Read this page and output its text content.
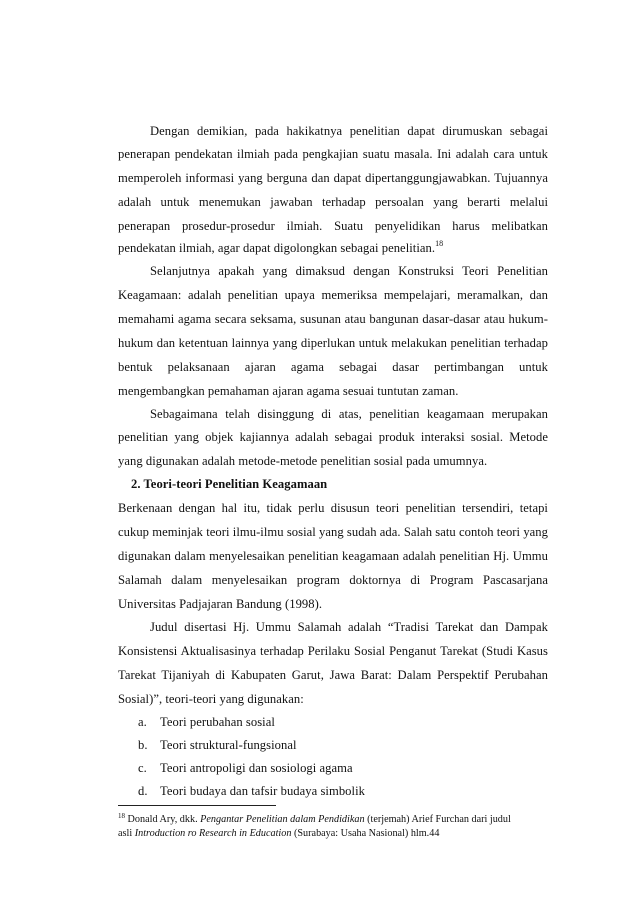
Dengan demikian, pada hakikatnya penelitian dapat dirumuskan sebagai
penerapan pendekatan ilmiah pada pengkajian suatu masala. Ini adalah cara untuk
memperoleh informasi yang berguna dan dapat dipertanggungjawabkan. Tujuannya
adalah untuk menemukan jawaban terhadap persoalan yang berarti melalui
penerapan prosedur-prosedur ilmiah. Suatu penyelidikan harus melibatkan
pendekatan ilmiah, agar dapat digolongkan sebagai penelitian.$^{18}$
Selanjutnya apakah yang dimaksud dengan Konstruksi Teori Penelitian
Keagamaan: adalah penelitian upaya memeriksa mempelajari, meramalkan, dan
memahami agama secara seksama, susunan atau bangunan dasar-dasar atau hukum-
hukum dan ketentuan lainnya yang diperlukan untuk melakukan penelitian terhadap
bentuk pelaksanaan ajaran agama sebagai dasar pertimbangan untuk
mengembangkan pemahaman ajaran agama sesuai tuntutan zaman.
Sebagaimana telah disinggung di atas, penelitian keagamaan merupakan
penelitian yang objek kajiannya adalah sebagai produk interaksi sosial. Metode
yang digunakan adalah metode-metode penelitian sosial pada umumnya.
2. Teori-teori Penelitian Keagamaan
Berkenaan dengan hal itu, tidak perlu disusun teori penelitian tersendiri, tetapi
cukup meminjak teori ilmu-ilmu sosial yang sudah ada. Salah satu contoh teori yang
digunakan dalam menyelesaikan penelitian keagamaan adalah penelitian Hj. Ummu
Salamah dalam menyelesaikan program doktornya di Program Pascasarjana
Universitas Padjajaran Bandung (1998).
Judul disertasi Hj. Ummu Salamah adalah “Tradisi Tarekat dan Dampak
Konsistensi Aktualisasinya terhadap Perilaku Sosial Penganut Tarekat (Studi Kasus
Tarekat Tijaniyah di Kabupaten Garut, Jawa Barat: Dalam Perspektif Perubahan
Sosial)”, teori-teori yang digunakan:
a. Teori perubahan sosial
b. Teori struktural-fungsional
c. Teori antropoligi dan sosiologi agama
d. Teori budaya dan tafsir budaya simbolik
$^{18}$ Donald Ary, dkk. Pengantar Penelitian dalam Pendidikan (terjemah) Arief Furchan dari judul
asli Introduction ro Research in Education (Surabaya: Usaha Nasional) hlm.44
